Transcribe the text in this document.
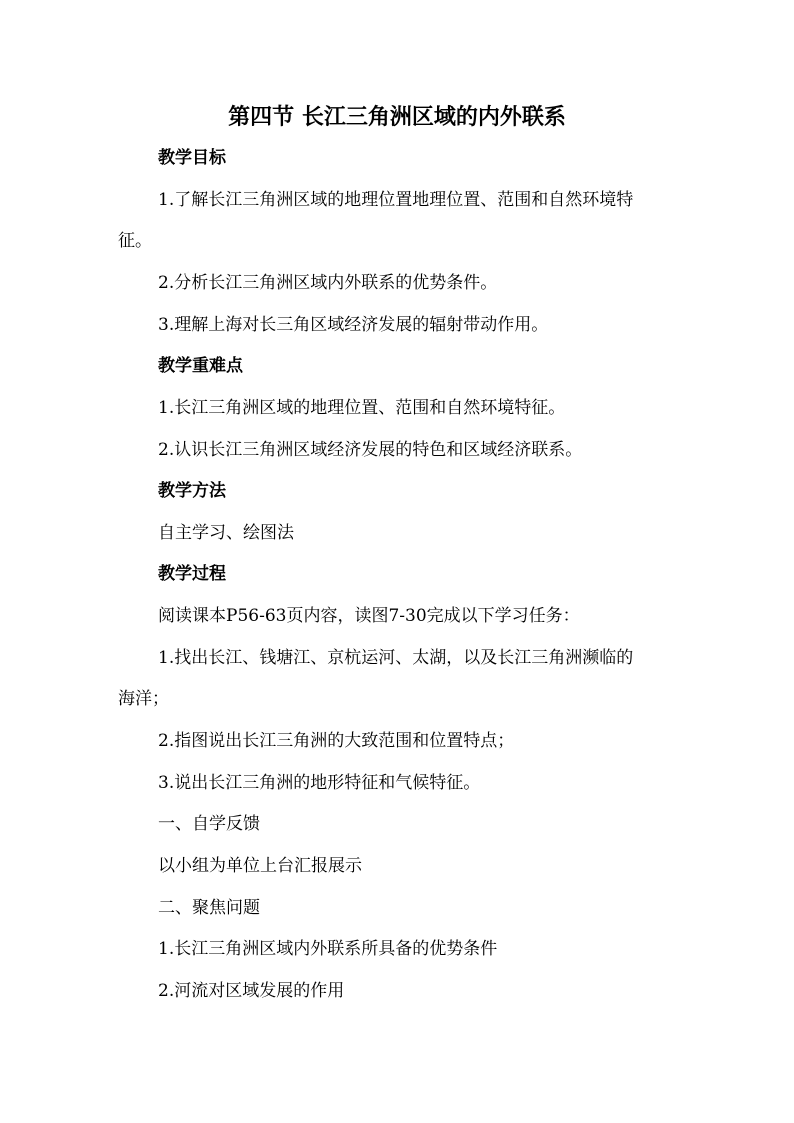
第四节 长江三角洲区域的内外联系
教学目标
1.了解长江三角洲区域的地理位置地理位置、范围和自然环境特
征。
2.分析长江三角洲区域内外联系的优势条件。
3.理解上海对长三角区域经济发展的辐射带动作用。
教学重难点
1.长江三角洲区域的地理位置、范围和自然环境特征。
2.认识长江三角洲区域经济发展的特色和区域经济联系。
教学方法
自主学习、绘图法
教学过程
阅读课本P56-63页内容，读图7-30完成以下学习任务：
1.找出长江、钱塘江、京杭运河、太湖，以及长江三角洲濒临的
海洋；
2.指图说出长江三角洲的大致范围和位置特点；
3.说出长江三角洲的地形特征和气候特征。
一、自学反馈
以小组为单位上台汇报展示
二、聚焦问题
1.长江三角洲区域内外联系所具备的优势条件
2.河流对区域发展的作用
